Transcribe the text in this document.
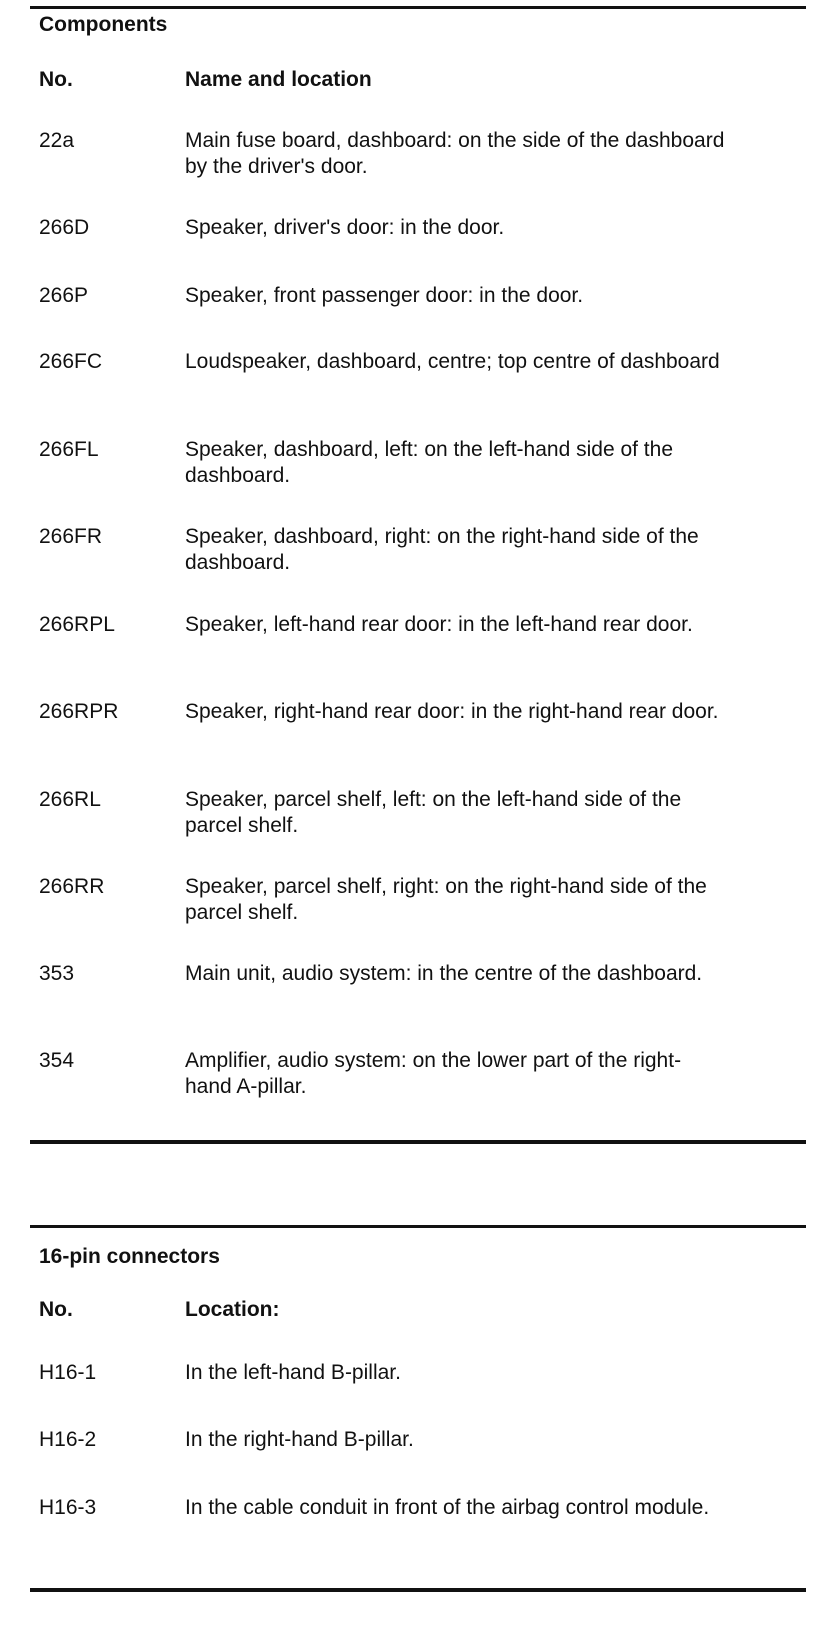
Components
No.	Name and location
22a	Main fuse board, dashboard: on the side of the dashboard by the driver's door.
266D	Speaker, driver's door: in the door.
266P	Speaker, front passenger door: in the door.
266FC	Loudspeaker, dashboard, centre; top centre of dashboard
266FL	Speaker, dashboard, left: on the left-hand side of the dashboard.
266FR	Speaker, dashboard, right: on the right-hand side of the dashboard.
266RPL	Speaker, left-hand rear door: in the left-hand rear door.
266RPR	Speaker, right-hand rear door: in the right-hand rear door.
266RL	Speaker, parcel shelf, left: on the left-hand side of the parcel shelf.
266RR	Speaker, parcel shelf, right: on the right-hand side of the parcel shelf.
353	Main unit, audio system: in the centre of the dashboard.
354	Amplifier, audio system: on the lower part of the right-hand A-pillar.
16-pin connectors
No.	Location:
H16-1	In the left-hand B-pillar.
H16-2	In the right-hand B-pillar.
H16-3	In the cable conduit in front of the airbag control module.
